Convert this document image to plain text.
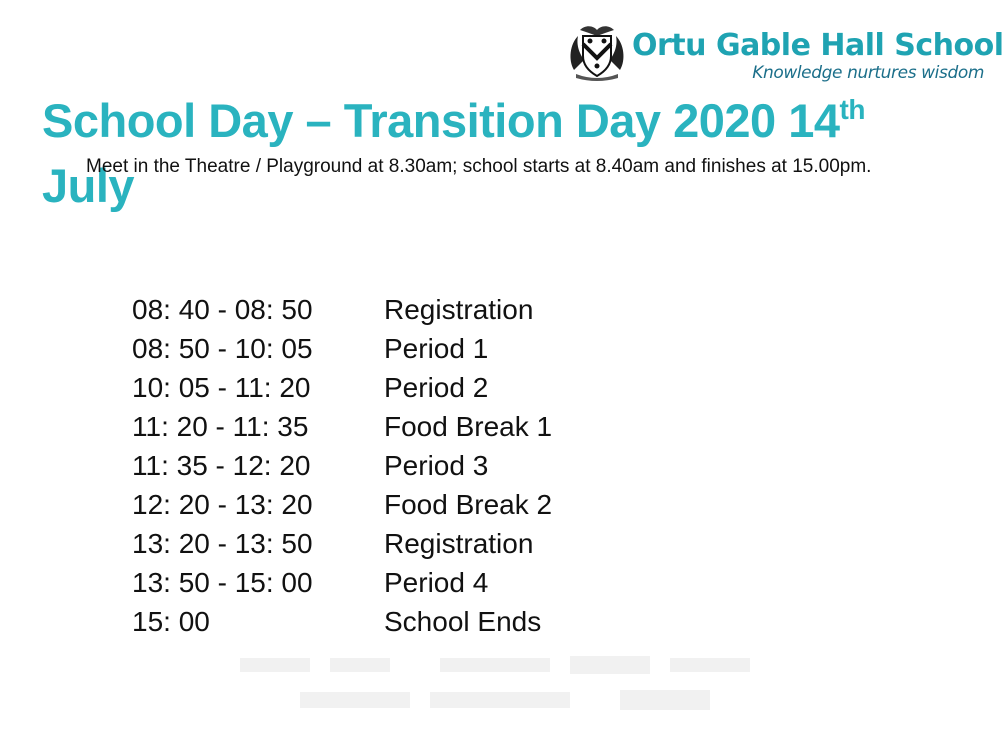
Ortu Gable Hall School
Knowledge nurtures wisdom
School Day – Transition Day 2020 14th
July
Meet in the Theatre / Playground at 8.30am; school starts at 8.40am and finishes at 15.00pm.
08: 40 - 08: 50	Registration
08: 50 - 10: 05	Period 1
10: 05 - 11: 20	Period 2
11: 20 - 11: 35	Food Break 1
11: 35 - 12: 20	Period 3
12: 20 - 13: 20	Food Break 2
13: 20 - 13: 50	Registration
13: 50 - 15: 00	Period 4
15: 00	School Ends
